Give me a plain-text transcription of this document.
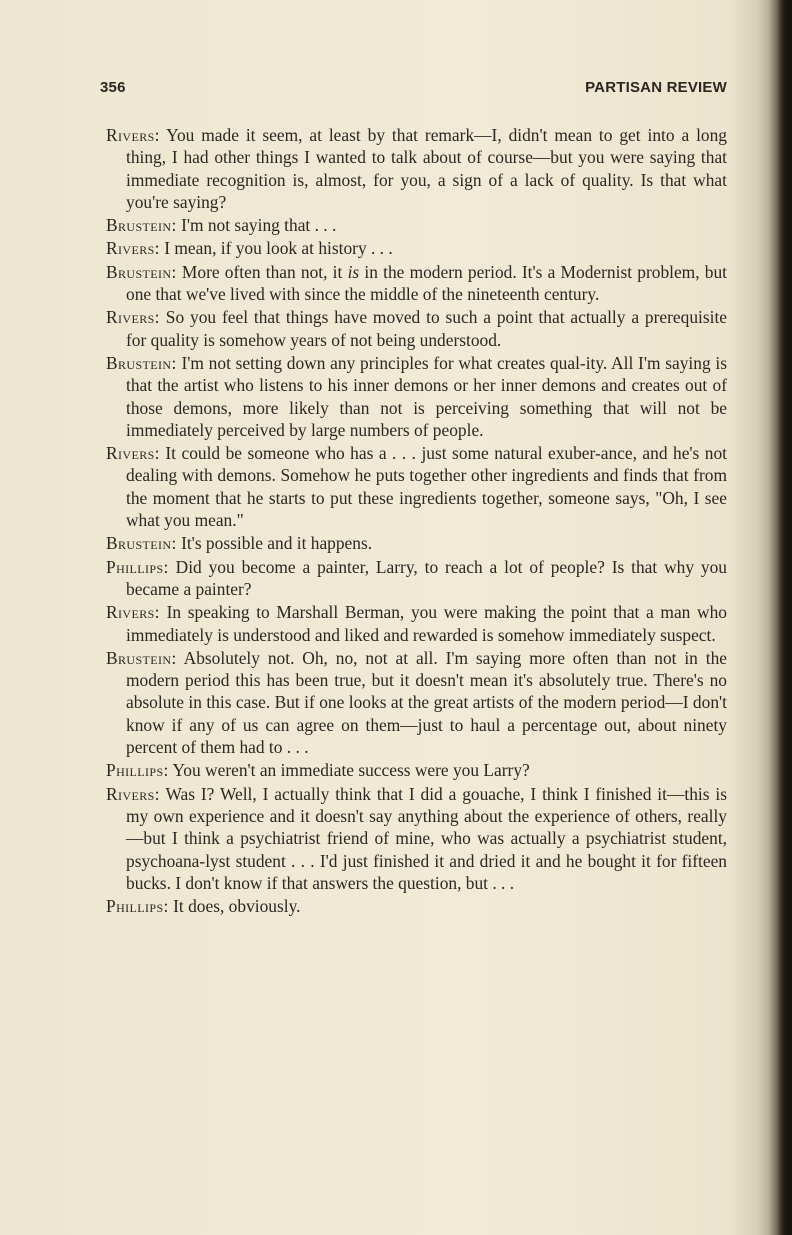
356	PARTISAN REVIEW

Rivers: You made it seem, at least by that remark—I, didn't mean to get into a long thing, I had other things I wanted to talk about of course—but you were saying that immediate recognition is, almost, for you, a sign of a lack of quality. Is that what you're saying?

Brustein: I'm not saying that . . .

Rivers: I mean, if you look at history . . .

Brustein: More often than not, it is in the modern period. It's a Modernist problem, but one that we've lived with since the middle of the nineteenth century.

Rivers: So you feel that things have moved to such a point that actually a prerequisite for quality is somehow years of not being understood.

Brustein: I'm not setting down any principles for what creates qual-ity. All I'm saying is that the artist who listens to his inner demons or her inner demons and creates out of those demons, more likely than not is perceiving something that will not be immediately perceived by large numbers of people.

Rivers: It could be someone who has a . . . just some natural exuber-ance, and he's not dealing with demons. Somehow he puts together other ingredients and finds that from the moment that he starts to put these ingredients together, someone says, "Oh, I see what you mean."

Brustein: It's possible and it happens.

Phillips: Did you become a painter, Larry, to reach a lot of people? Is that why you became a painter?

Rivers: In speaking to Marshall Berman, you were making the point that a man who immediately is understood and liked and rewarded is somehow immediately suspect.

Brustein: Absolutely not. Oh, no, not at all. I'm saying more often than not in the modern period this has been true, but it doesn't mean it's absolutely true. There's no absolute in this case. But if one looks at the great artists of the modern period—I don't know if any of us can agree on them—just to haul a percentage out, about ninety percent of them had to . . .

Phillips: You weren't an immediate success were you Larry?

Rivers: Was I? Well, I actually think that I did a gouache, I think I finished it—this is my own experience and it doesn't say anything about the experience of others, really—but I think a psychiatrist friend of mine, who was actually a psychiatrist student, psychoana-lyst student . . . I'd just finished it and dried it and he bought it for fifteen bucks. I don't know if that answers the question, but . . .

Phillips: It does, obviously.
